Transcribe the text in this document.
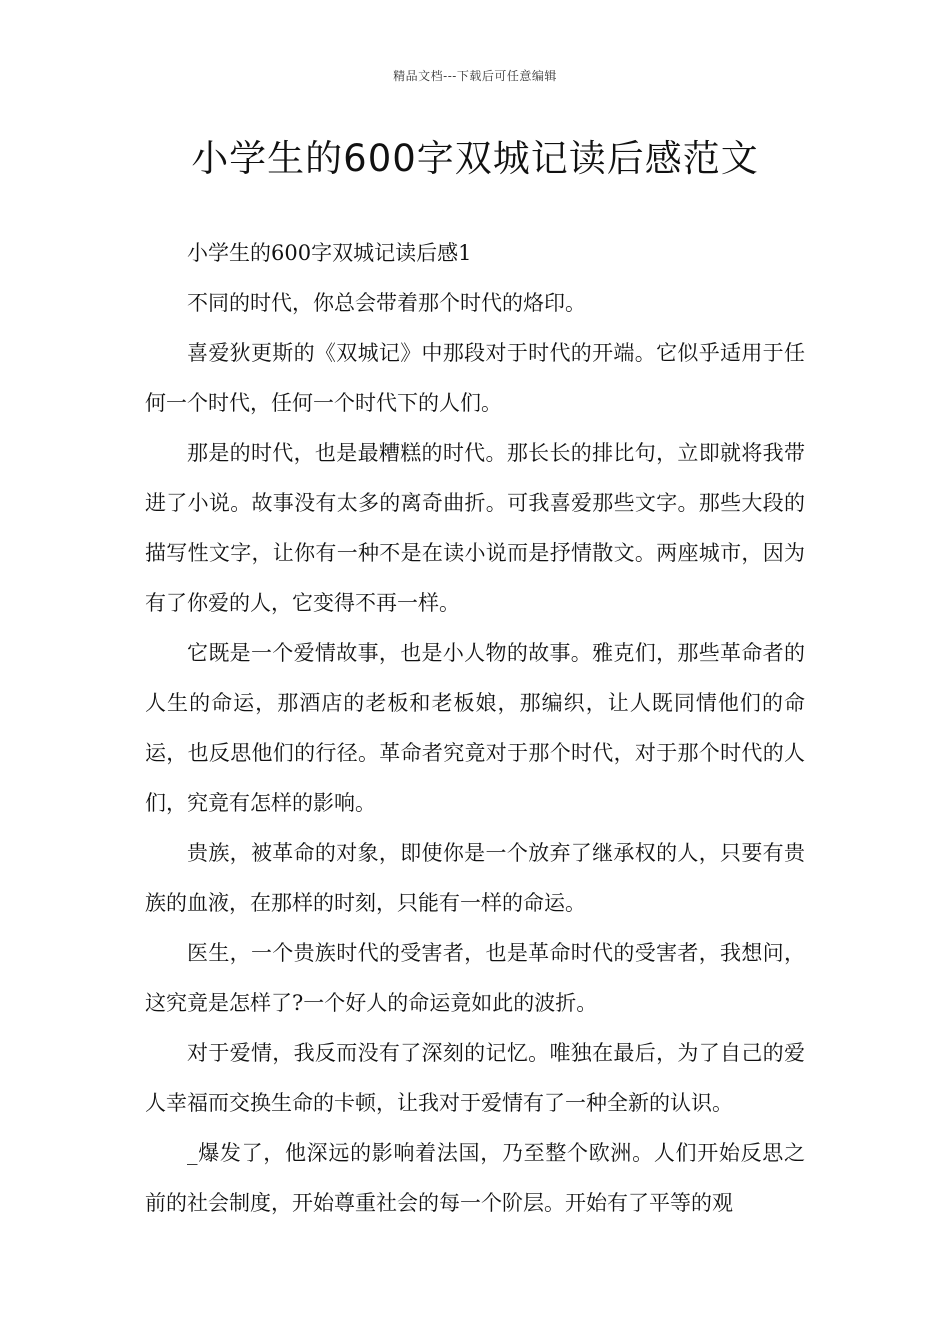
精品文档---下载后可任意编辑
小学生的600字双城记读后感范文

小学生的600字双城记读后感1

不同的时代，你总会带着那个时代的烙印。

喜爱狄更斯的《双城记》中那段对于时代的开端。它似乎适用于任何一个时代，任何一个时代下的人们。

那是的时代，也是最糟糕的时代。那长长的排比句，立即就将我带进了小说。故事没有太多的离奇曲折。可我喜爱那些文字。那些大段的描写性文字，让你有一种不是在读小说而是抒情散文。两座城市，因为有了你爱的人，它变得不再一样。

它既是一个爱情故事，也是小人物的故事。雅克们，那些革命者的人生的命运，那酒店的老板和老板娘，那编织，让人既同情他们的命运，也反思他们的行径。革命者究竟对于那个时代，对于那个时代的人们，究竟有怎样的影响。

贵族，被革命的对象，即使你是一个放弃了继承权的人，只要有贵族的血液，在那样的时刻，只能有一样的命运。

医生，一个贵族时代的受害者，也是革命时代的受害者，我想问，这究竟是怎样了?一个好人的命运竟如此的波折。

对于爱情，我反而没有了深刻的记忆。唯独在最后，为了自己的爱人幸福而交换生命的卡顿，让我对于爱情有了一种全新的认识。

_爆发了，他深远的影响着法国，乃至整个欧洲。人们开始反思之前的社会制度，开始尊重社会的每一个阶层。开始有了平等的观
